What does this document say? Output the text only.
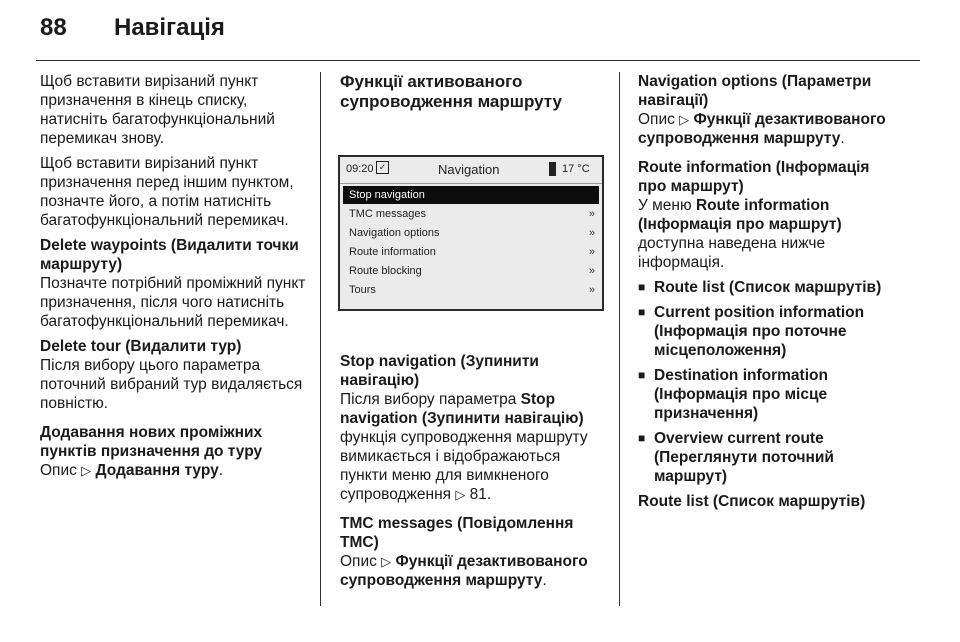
88 Навігація

Щоб вставити вирізаний пункт призначення в кінець списку, натисніть багатофункціональний перемикач знову.

Щоб вставити вирізаний пункт призначення перед іншим пунктом, позначте його, а потім натисніть багатофункціональний перемикач.

Delete waypoints (Видалити точки маршруту)

Позначте потрібний проміжний пункт призначення, після чого натисніть багатофункціональний перемикач.

Delete tour (Видалити тур)

Після вибору цього параметра поточний вибраний тур видаляється повністю.

Додавання нових проміжних пунктів призначення до туру

Опис ▷ Додавання туру.

Функції активованого супроводження маршруту

09:20 ✓	Navigation	17 °C
Stop navigation
TMC messages	»
Navigation options	»
Route information	»
Route blocking	»
Tours	»

Stop navigation (Зупинити навігацію)

Після вибору параметра Stop navigation (Зупинити навігацію) функція супроводження маршруту вимикається і відображаються пункти меню для вимкненого супроводження ▷ 81.

TMC messages (Повідомлення TMC)

Опис ▷ Функції дезактивованого супроводження маршруту.

Navigation options (Параметри навігації)

Опис ▷ Функції дезактивованого супроводження маршруту.

Route information (Інформація про маршрут)

У меню Route information (Інформація про маршрут) доступна наведена нижче інформація.

■ Route list (Список маршрутів)
■ Current position information (Інформація про поточне місцеположення)
■ Destination information (Інформація про місце призначення)
■ Overview current route (Переглянути поточний маршрут)

Route list (Список маршрутів)
